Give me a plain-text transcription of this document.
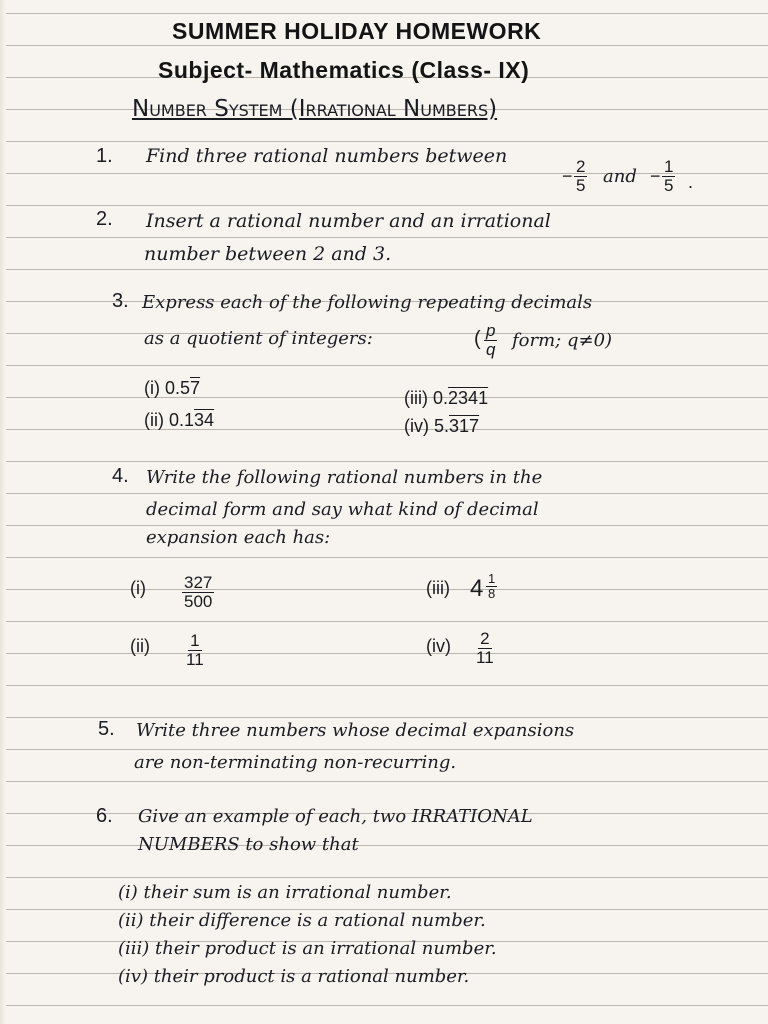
SUMMER HOLIDAY HOMEWORK
Subject- Mathematics (Class- IX)
Number System (Irrational Numbers)
1. Find three rational numbers between
− $\frac{2}{5}$ and − $\frac{1}{5}$ .
2. Insert a rational number and an irrational
number between 2 and 3.
3. Express each of the following repeating decimals
as a quotient of integers:	( $\frac{p}{q}$ form; q≠0)
(i) 0.57
(ii) 0.134
(iii) 0.2341
(iv) 5.317
4. Write the following rational numbers in the
decimal form and say what kind of decimal
expansion each has:
$(i) \frac{327}{500}$
$(ii) \frac{1}{11}$
(iii) $4 \frac{1}{8}$
$(iv) \frac{2}{11}$
5. Write three numbers whose decimal expansions
are non-terminating non-recurring.
6. Give an example of each, two IRRATIONAL
NUMBERS to show that
(i) their sum is an irrational number.
(ii) their difference is a rational number.
(iii) their product is an irrational number.
(iv) their product is a rational number.
